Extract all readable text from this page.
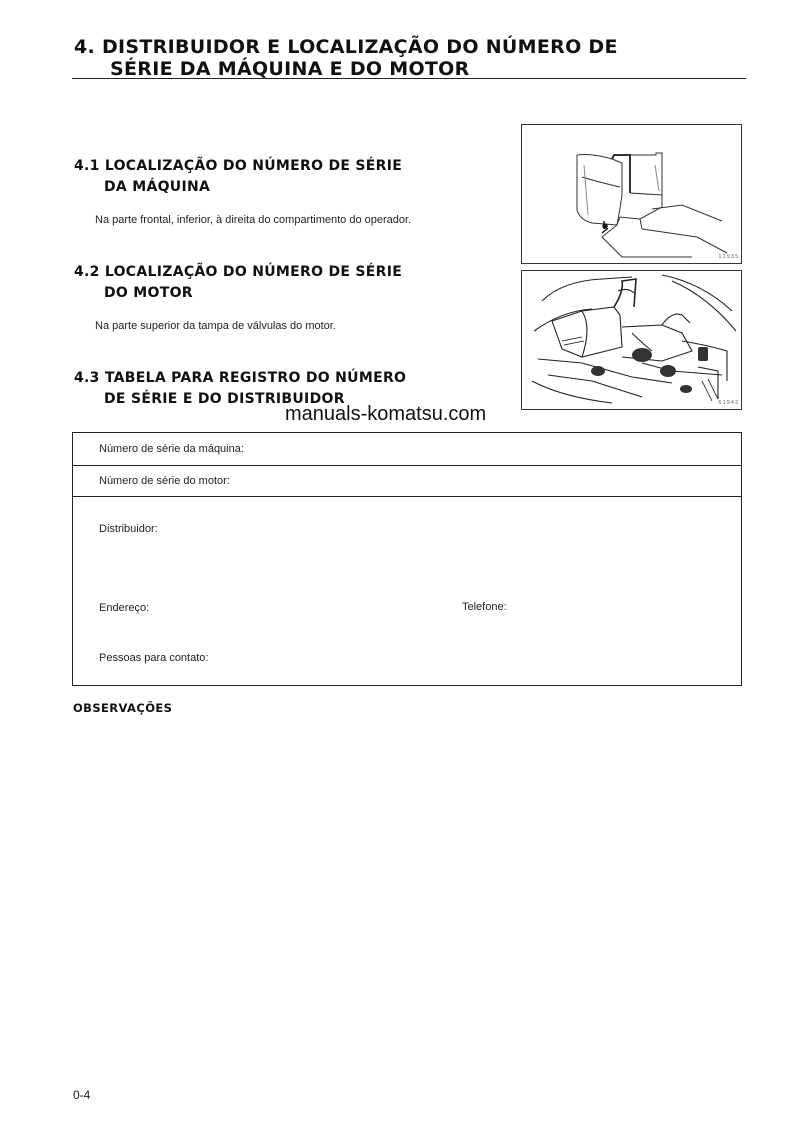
4. DISTRIBUIDOR E LOCALIZAÇÃO DO NÚMERO DE
SÉRIE DA MÁQUINA E DO MOTOR
4.1 LOCALIZAÇÃO DO NÚMERO DE SÉRIE
DA MÁQUINA
Na parte frontal, inferior, à direita do compartimento do operador.
1 1 9 3 5
4.2 LOCALIZAÇÃO DO NÚMERO DE SÉRIE
DO MOTOR
Na parte superior da tampa de válvulas do motor.
6 1 9 4 2
4.3 TABELA PARA REGISTRO DO NÚMERO
DE SÉRIE E DO DISTRIBUIDOR
manuals-komatsu.com
Número de série da máquina:
Número de série do motor:
Distribuidor:
Endereço:	Telefone:
Pessoas para contato:
OBSERVAÇÕES
0-4
